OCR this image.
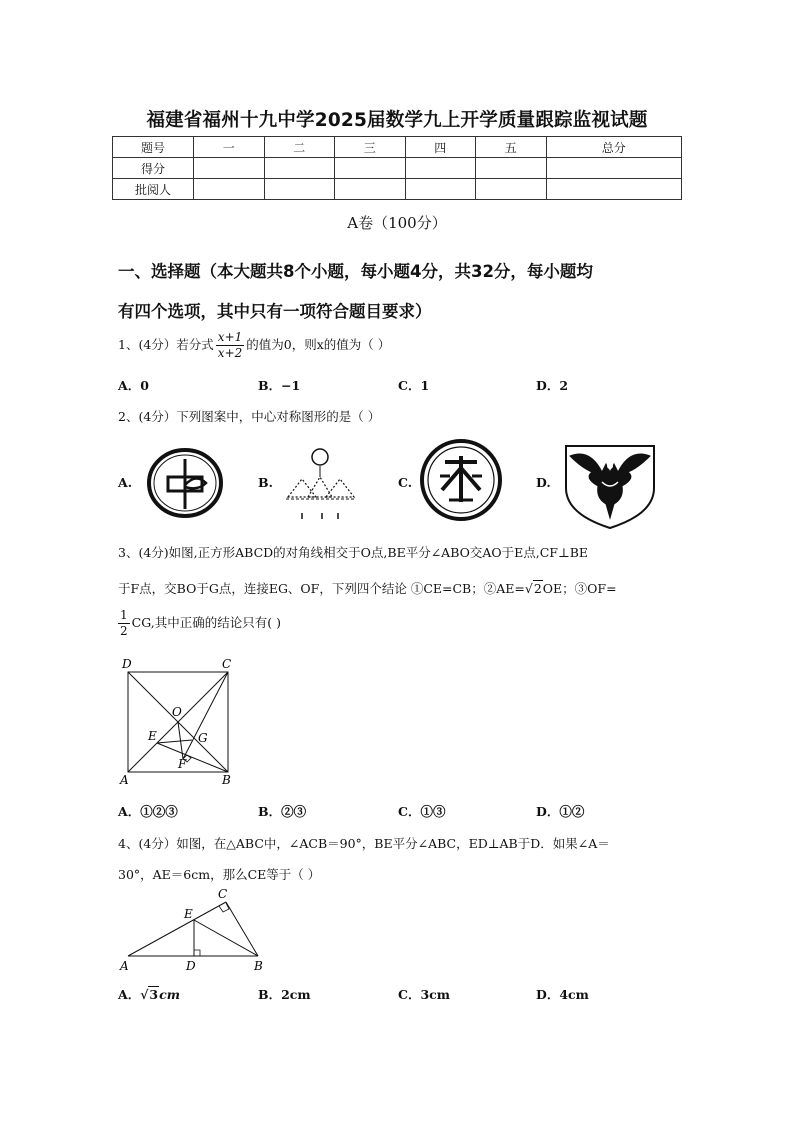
福建省福州十九中学2025届数学九上开学质量跟踪监视试题
题号	一	二	三	四	五	总分
得分						
批阅人						
A卷（100分）
一、选择题（本大题共8个小题，每小题4分，共32分，每小题均
有四个选项，其中只有一项符合题目要求）
1、(4分）若分式 $\frac{x+1}{x+2}$ 的值为0，则x的值为（ ）
A．0	B．−1	C．1	D．2
2、(4分）下列图案中，中心对称图形的是（ ）
A.	B.	C.	D.
3、(4分)如图,正方形ABCD的对角线相交于O点,BE平分∠ABO交AO于E点,CF⊥BE
于F点，交BO于G点，连接EG、OF，下列四个结论 ①CE=CB；②AE=√2OE；③OF=
$\frac{1}{2}$ CG,其中正确的结论只有( )
D	C
O
E	G
F
A	B
A．①②③	B．②③	C．①③	D．①②
4、(4分）如图，在△ABC中，∠ACB＝90°，BE平分∠ABC，ED⊥AB于D．如果∠A＝
30°，AE＝6cm，那么CE等于（ ）
C
E
A	D	B
A．√3cm	B．2cm	C．3cm	D．4cm
